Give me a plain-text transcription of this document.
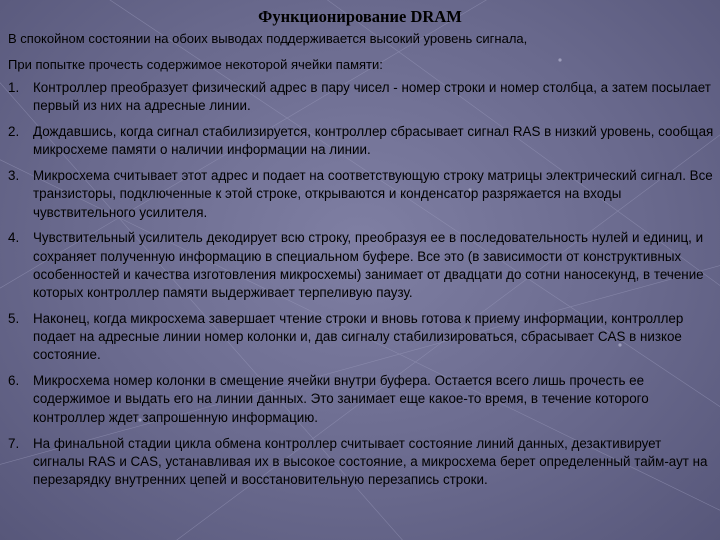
Функционирование DRAM
В спокойном состоянии на обоих выводах поддерживается высокий уровень сигнала,
При попытке прочесть содержимое некоторой ячейки памяти:
1. Контроллер преобразует физический адрес в пару чисел - номер строки и номер столбца, а затем посылает первый из них на адресные линии.
2. Дождавшись, когда сигнал стабилизируется, контроллер сбрасывает сигнал RAS в низкий уровень, сообщая микросхеме памяти о наличии информации на линии.
3. Микросхема считывает этот адрес и подает на соответствующую строку матрицы электрический сигнал. Все транзисторы, подключенные к этой строке, открываются и конденсатор разряжается на входы чувствительного усилителя.
4. Чувствительный усилитель декодирует всю строку, преобразуя ее в последовательность нулей и единиц, и сохраняет полученную информацию в специальном буфере. Все это (в зависимости от конструктивных особенностей и качества изготовления микросхемы) занимает от двадцати до сотни наносекунд, в течение которых контроллер памяти выдерживает терпеливую паузу.
5. Наконец, когда микросхема завершает чтение строки и вновь готова к приему информации, контроллер подает на адресные линии номер колонки и, дав сигналу стабилизироваться, сбрасывает CAS в низкое состояние.
6. Микросхема номер колонки в смещение ячейки внутри буфера. Остается всего лишь прочесть ее содержимое и выдать его на линии данных. Это занимает еще какое-то время, в течение которого контроллер ждет запрошенную информацию.
7. На финальной стадии цикла обмена контроллер считывает состояние линий данных, дезактивирует сигналы RAS и CAS, устанавливая их в высокое состояние, а микросхема берет определенный тайм-аут на перезарядку внутренних цепей и восстановительную перезапись строки.
